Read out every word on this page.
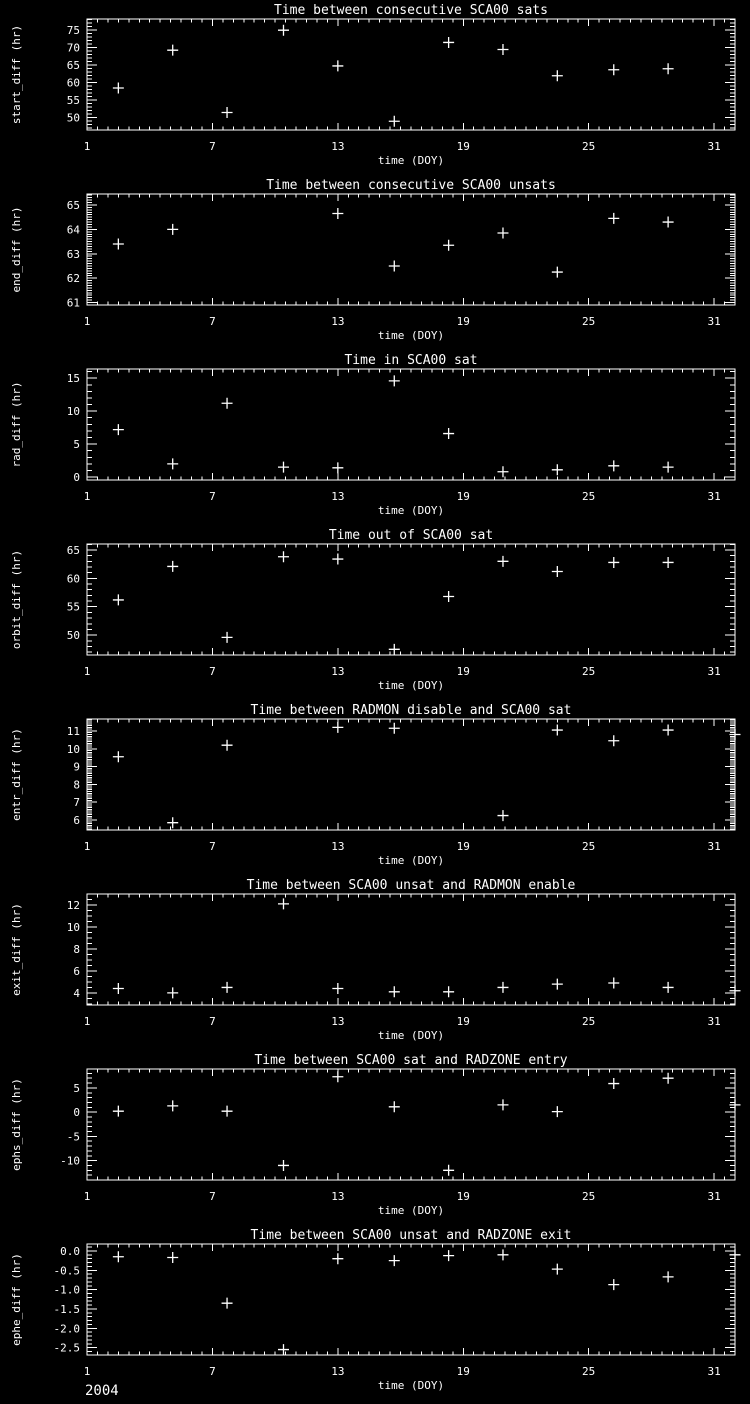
Time between consecutive SCA00 sats
1	7	13	19	25	31
50
55
60
65
70
75
time (DOY)
start_diff (hr)
Time between consecutive SCA00 unsats
1	7	13	19	25	31
61
62
63
64
65
time (DOY)
end_diff (hr)
Time in SCA00 sat
1	7	13	19	25	31
0
5
10
15
time (DOY)
rad_diff (hr)
Time out of SCA00 sat
1	7	13	19	25	31
50
55
60
65
time (DOY)
orbit_diff (hr)
Time between RADMON disable and SCA00 sat
1	7	13	19	25	31
6
7
8
9
10
11
time (DOY)
entr_diff (hr)
Time between SCA00 unsat and RADMON enable
1	7	13	19	25	31
4
6
8
10
12
time (DOY)
exit_diff (hr)
Time between SCA00 sat and RADZONE entry
1	7	13	19	25	31
-10
-5
0
5
time (DOY)
ephs_diff (hr)
Time between SCA00 unsat and RADZONE exit
1	7	13	19	25	31
-2.5
-2.0
-1.5
-1.0
-0.5
0.0
time (DOY)
ephe_diff (hr)
2004
